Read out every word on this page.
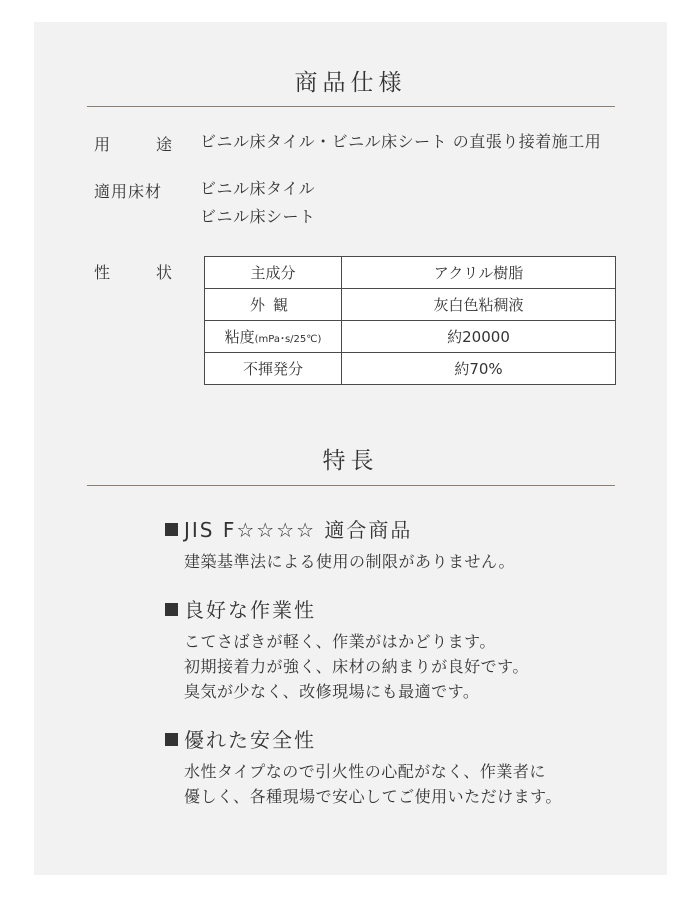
商品仕様
用	途 ビニル床タイル・ビニル床シート の直張り接着施工用
適用床材 ビニル床タイル
ビニル床シート
性	状	主成分	アクリル樹脂
外観	灰白色粘稠液
粘度(mPa･s/25℃)	約20000
不揮発分	約70%
特長
JIS F☆☆☆☆ 適合商品
建築基準法による使用の制限がありません。
良好な作業性
こてさばきが軽く、作業がはかどります。
初期接着力が強く、床材の納まりが良好です。
臭気が少なく、改修現場にも最適です。
優れた安全性
水性タイプなので引火性の心配がなく、作業者に
優しく、各種現場で安心してご使用いただけます。
